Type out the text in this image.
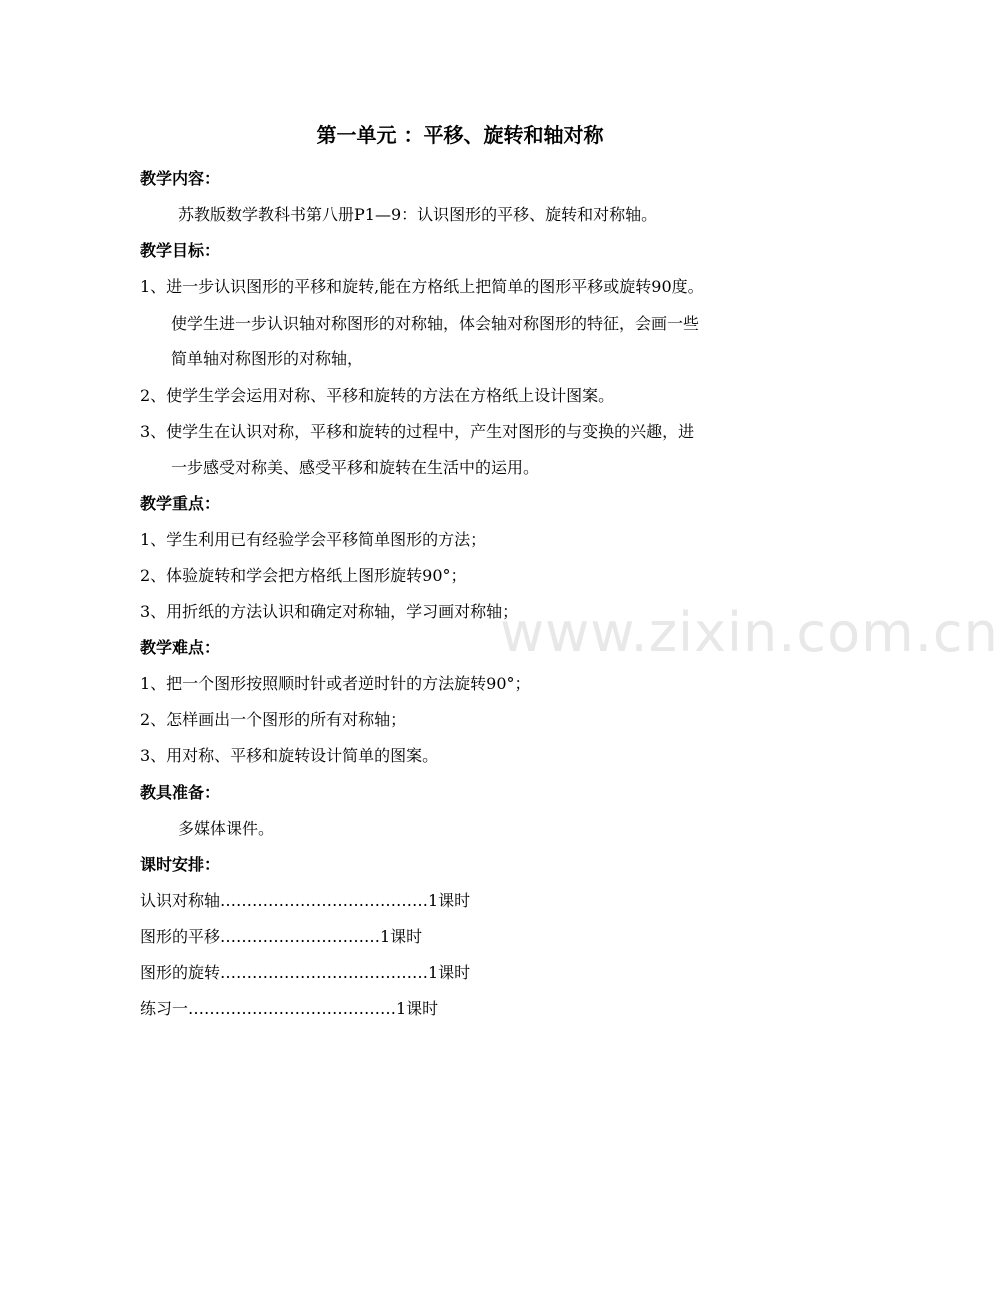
第一单元 ：平移、旋转和轴对称
教学内容：
苏教版数学教科书第八册P1—9：认识图形的平移、旋转和对称轴。
教学目标：
1、进一步认识图形的平移和旋转,能在方格纸上把简单的图形平移或旋转90度。
使学生进一步认识轴对称图形的对称轴，体会轴对称图形的特征，会画一些
简单轴对称图形的对称轴，
2、使学生学会运用对称、平移和旋转的方法在方格纸上设计图案。
3、使学生在认识对称，平移和旋转的过程中，产生对图形的与变换的兴趣，进
一步感受对称美、感受平移和旋转在生活中的运用。
教学重点：
1、学生利用已有经验学会平移简单图形的方法；
2、体验旋转和学会把方格纸上图形旋转90°；
3、用折纸的方法认识和确定对称轴，学习画对称轴；
教学难点：
1、把一个图形按照顺时针或者逆时针的方法旋转90°；
2、怎样画出一个图形的所有对称轴；
3、用对称、平移和旋转设计简单的图案。
教具准备：
多媒体课件。
课时安排：
认识对称轴…………………………………1课时
图形的平移…………………………1课时
图形的旋转…………………………………1课时
练习一…………………………………1课时
www.zixin.com.cn
